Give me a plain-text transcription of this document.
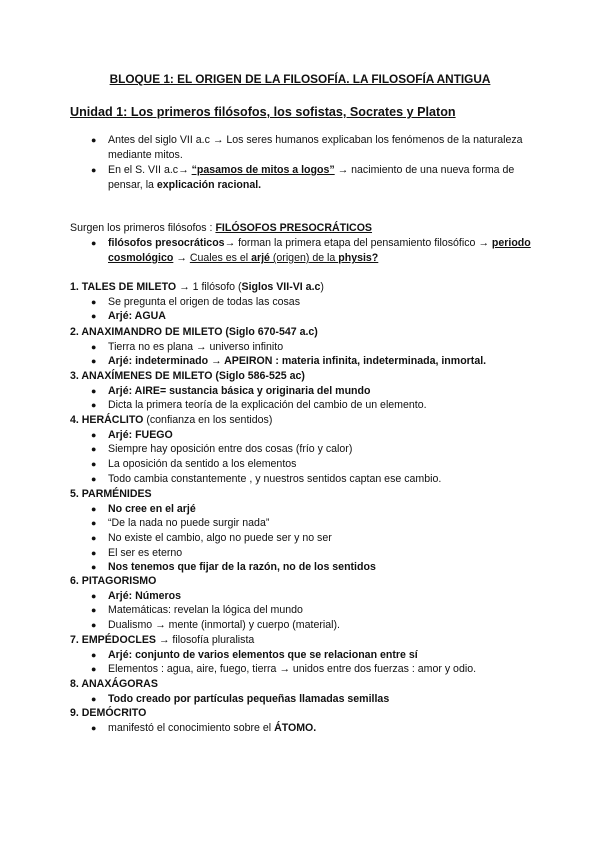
BLOQUE 1: EL ORIGEN DE LA FILOSOFÍA. LA FILOSOFÍA ANTIGUA
Unidad 1: Los primeros filósofos, los sofistas, Socrates y Platon
● Antes del siglo VII a.c → Los seres humanos explicaban los fenómenos de la naturaleza mediante mitos.
● En el S. VII a.c→ “pasamos de mitos a logos” → nacimiento de una nueva forma de pensar, la explicación racional.
Surgen los primeros filósofos : FILÓSOFOS PRESOCRÁTICOS
● filósofos presocráticos→ forman la primera etapa del pensamiento filosófico → periodo cosmológico → Cuales es el arjé (origen) de la physis?
1. TALES DE MILETO → 1 filósofo (Siglos VII-VI a.c)
● Se pregunta el origen de todas las cosas
● Arjé: AGUA
2. ANAXIMANDRO DE MILETO (Siglo 670-547 a.c)
● Tierra no es plana → universo infinito
● Arjé: indeterminado → APEIRON : materia infinita, indeterminada, inmortal.
3. ANAXÍMENES DE MILETO (Siglo 586-525 ac)
● Arjé: AIRE= sustancia básica y originaria del mundo
● Dicta la primera teoría de la explicación del cambio de un elemento.
4. HERÁCLITO (confianza en los sentidos)
● Arjé: FUEGO
● Siempre hay oposición entre dos cosas (frío y calor)
● La oposición da sentido a los elementos
● Todo cambia constantemente , y nuestros sentidos captan ese cambio.
5. PARMÉNIDES
● No cree en el arjé
● “De la nada no puede surgir nada”
● No existe el cambio, algo no puede ser y no ser
● El ser es eterno
● Nos tenemos que fijar de la razón, no de los sentidos
6. PITAGORISMO
● Arjé: Números
● Matemáticas: revelan la lógica del mundo
● Dualismo → mente (inmortal) y cuerpo (material).
7. EMPÉDOCLES → filosofía pluralista
● Arjé: conjunto de varios elementos que se relacionan entre sí
● Elementos : agua, aire, fuego, tierra → unidos entre dos fuerzas : amor y odio.
8. ANAXÁGORAS
● Todo creado por partículas pequeñas llamadas semillas
9. DEMÓCRITO
● manifestó el conocimiento sobre el ÁTOMO.
